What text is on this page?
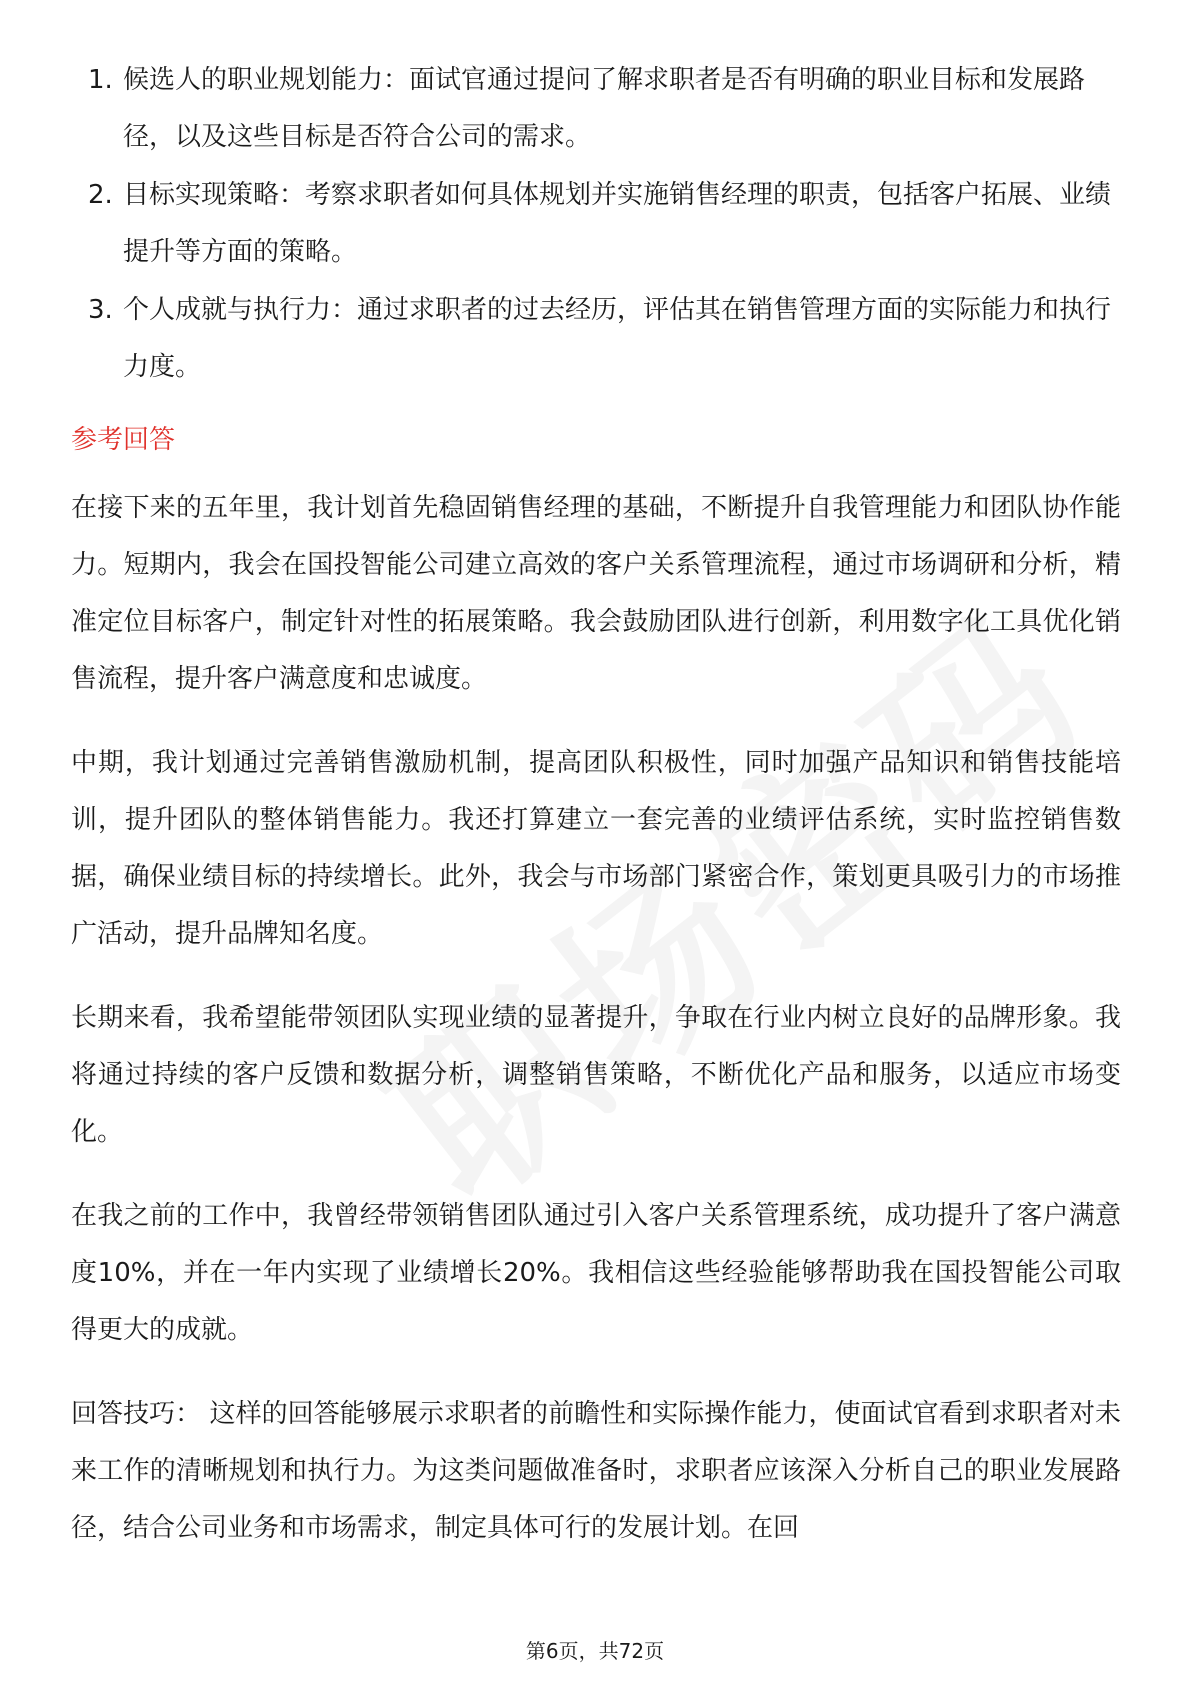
1. 候选人的职业规划能力：面试官通过提问了解求职者是否有明确的职业目标和发展路径，以及这些目标是否符合公司的需求。
2. 目标实现策略：考察求职者如何具体规划并实施销售经理的职责，包括客户拓展、业绩提升等方面的策略。
3. 个人成就与执行力：通过求职者的过去经历，评估其在销售管理方面的实际能力和执行力度。
参考回答

在接下来的五年里，我计划首先稳固销售经理的基础，不断提升自我管理能力和团队协作能力。短期内，我会在国投智能公司建立高效的客户关系管理流程，通过市场调研和分析，精准定位目标客户，制定针对性的拓展策略。我会鼓励团队进行创新，利用数字化工具优化销售流程，提升客户满意度和忠诚度。

中期，我计划通过完善销售激励机制，提高团队积极性，同时加强产品知识和销售技能培训，提升团队的整体销售能力。我还打算建立一套完善的业绩评估系统，实时监控销售数据，确保业绩目标的持续增长。此外，我会与市场部门紧密合作，策划更具吸引力的市场推广活动，提升品牌知名度。

长期来看，我希望能带领团队实现业绩的显著提升，争取在行业内树立良好的品牌形象。我将通过持续的客户反馈和数据分析，调整销售策略，不断优化产品和服务，以适应市场变化。

在我之前的工作中，我曾经带领销售团队通过引入客户关系管理系统，成功提升了客户满意度10%，并在一年内实现了业绩增长20%。我相信这些经验能够帮助我在国投智能公司取得更大的成就。

回答技巧： 这样的回答能够展示求职者的前瞻性和实际操作能力，使面试官看到求职者对未来工作的清晰规划和执行力。为这类问题做准备时，求职者应该深入分析自己的职业发展路径，结合公司业务和市场需求，制定具体可行的发展计划。在回

第6页，共72页
